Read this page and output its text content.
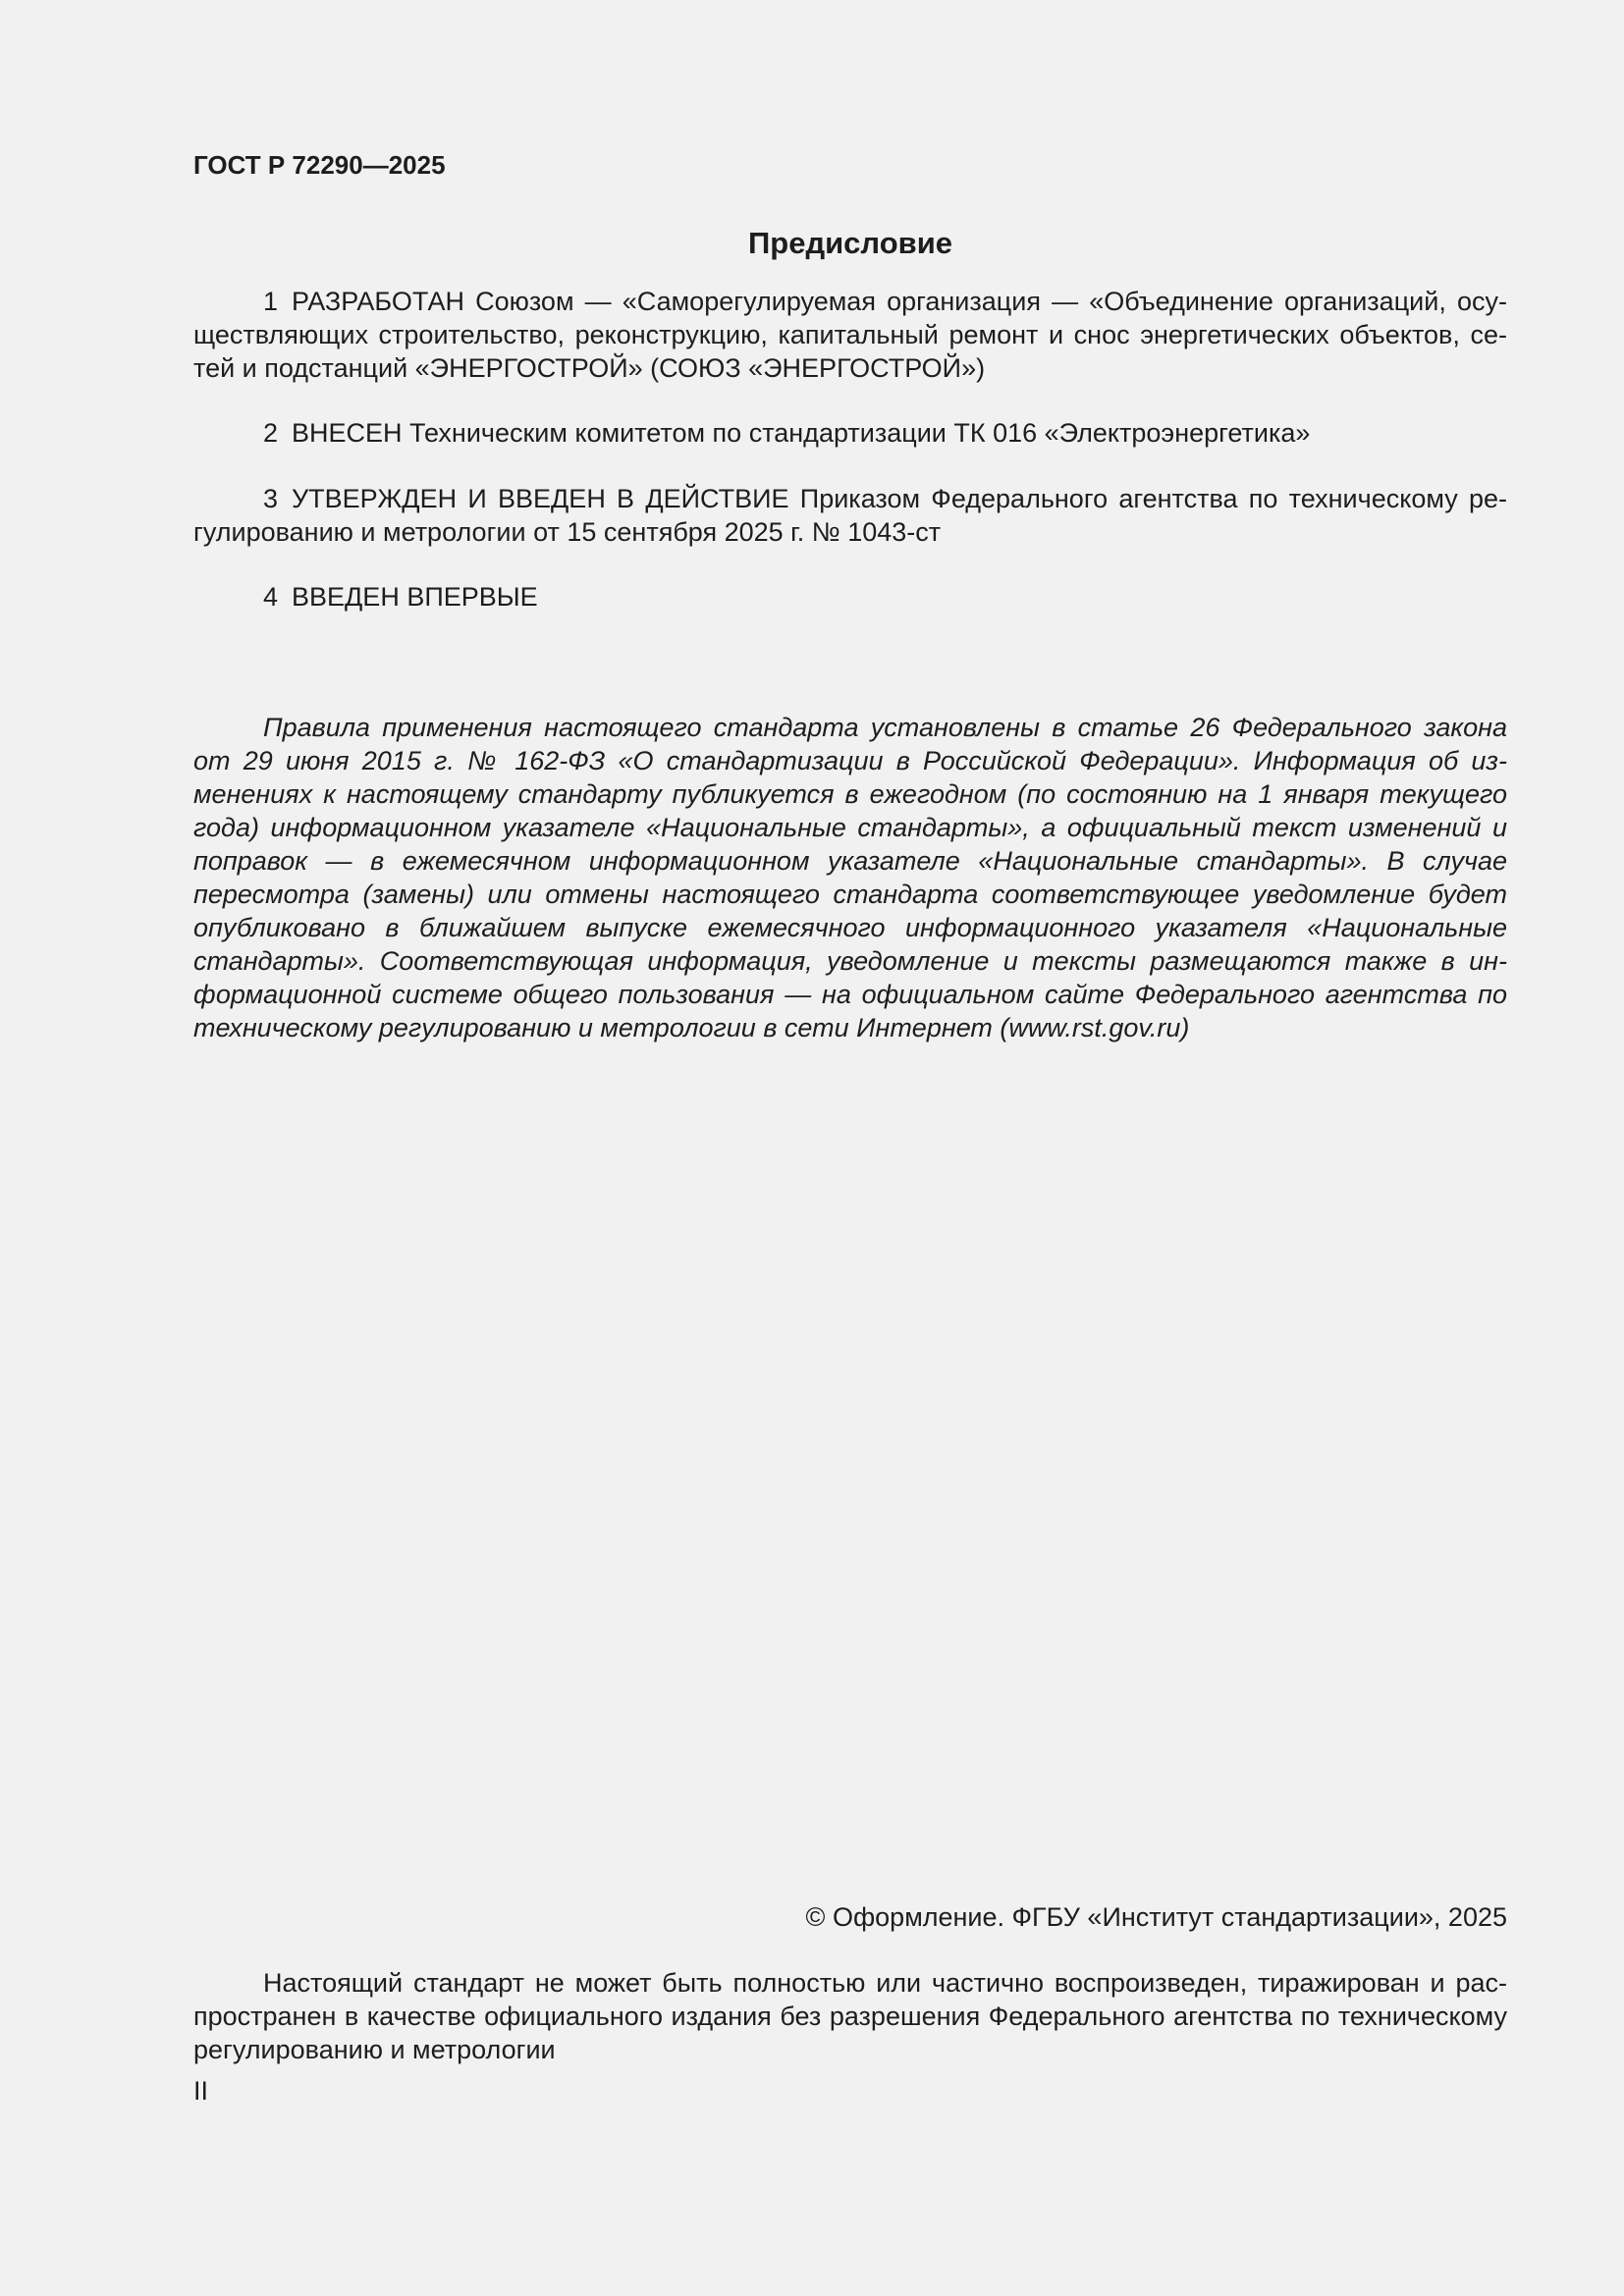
ГОСТ Р 72290—2025
Предисловие
1 РАЗРАБОТАН Союзом — «Саморегулируемая организация — «Объединение организаций, осуществляющих строительство, реконструкцию, капитальный ремонт и снос энергетических объектов, сетей и подстанций «ЭНЕРГОСТРОЙ» (СОЮЗ «ЭНЕРГОСТРОЙ»)
2 ВНЕСЕН Техническим комитетом по стандартизации ТК 016 «Электроэнергетика»
3 УТВЕРЖДЕН И ВВЕДЕН В ДЕЙСТВИЕ Приказом Федерального агентства по техническому регулированию и метрологии от 15 сентября 2025 г. № 1043-ст
4 ВВЕДЕН ВПЕРВЫЕ
Правила применения настоящего стандарта установлены в статье 26 Федерального закона от 29 июня 2015 г. № 162-ФЗ «О стандартизации в Российской Федерации». Информация об изменениях к настоящему стандарту публикуется в ежегодном (по состоянию на 1 января текущего года) информационном указателе «Национальные стандарты», а официальный текст изменений и поправок — в ежемесячном информационном указателе «Национальные стандарты». В случае пересмотра (замены) или отмены настоящего стандарта соответствующее уведомление будет опубликовано в ближайшем выпуске ежемесячного информационного указателя «Национальные стандарты». Соответствующая информация, уведомление и тексты размещаются также в информационной системе общего пользования — на официальном сайте Федерального агентства по техническому регулированию и метрологии в сети Интернет (www.rst.gov.ru)
© Оформление. ФГБУ «Институт стандартизации», 2025
Настоящий стандарт не может быть полностью или частично воспроизведен, тиражирован и распространен в качестве официального издания без разрешения Федерального агентства по техническому регулированию и метрологии
II
